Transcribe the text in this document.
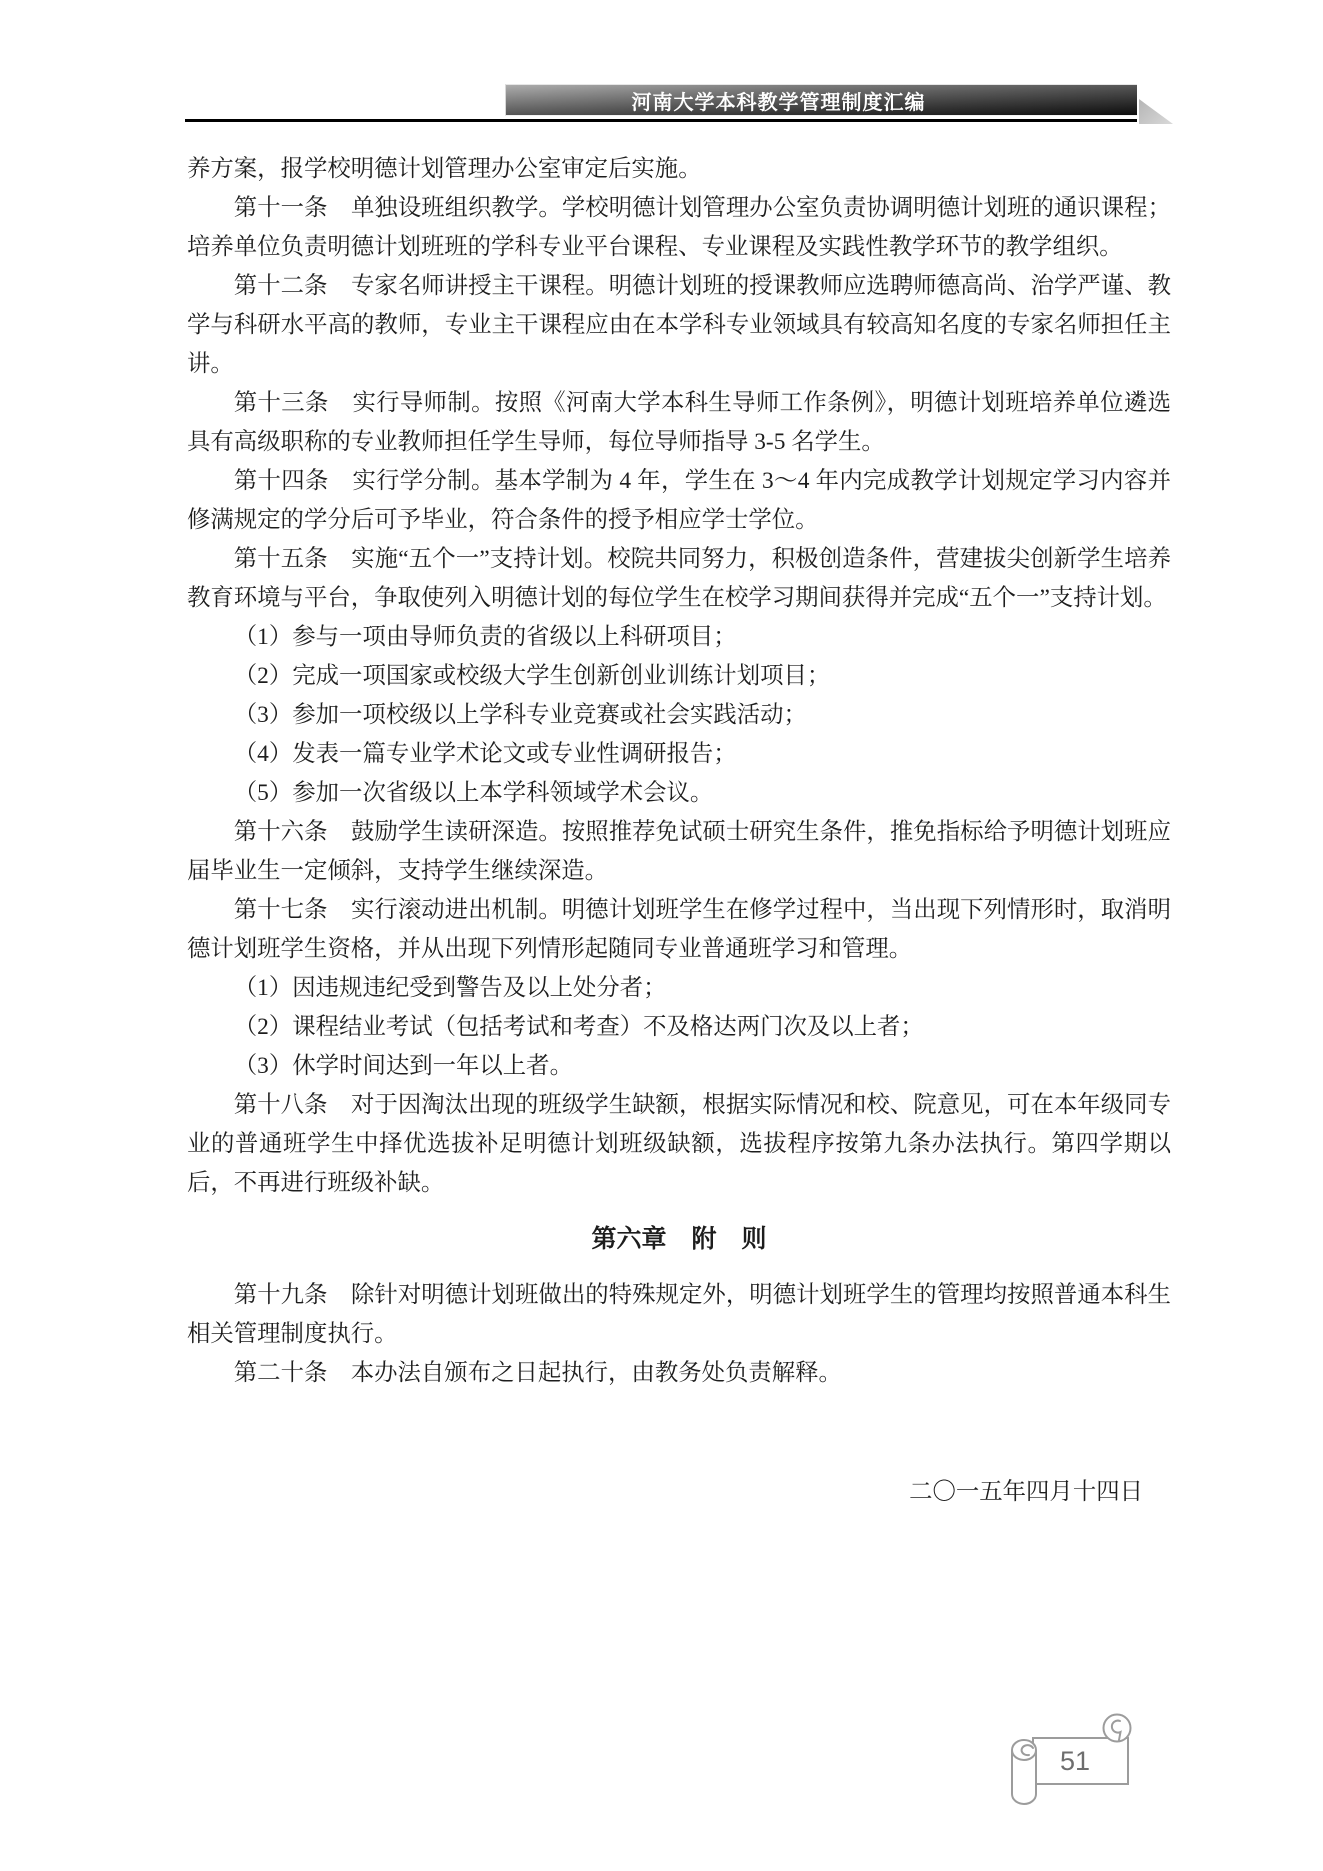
河南大学本科教学管理制度汇编

养方案，报学校明德计划管理办公室审定后实施。

第十一条　单独设班组织教学。学校明德计划管理办公室负责协调明德计划班的通识课程；培养单位负责明德计划班班的学科专业平台课程、专业课程及实践性教学环节的教学组织。

第十二条　专家名师讲授主干课程。明德计划班的授课教师应选聘师德高尚、治学严谨、教学与科研水平高的教师，专业主干课程应由在本学科专业领域具有较高知名度的专家名师担任主讲。

第十三条　实行导师制。按照《河南大学本科生导师工作条例》，明德计划班培养单位遴选具有高级职称的专业教师担任学生导师，每位导师指导 3-5 名学生。

第十四条　实行学分制。基本学制为 4 年，学生在 3～4 年内完成教学计划规定学习内容并修满规定的学分后可予毕业，符合条件的授予相应学士学位。

第十五条　实施“五个一”支持计划。校院共同努力，积极创造条件，营建拔尖创新学生培养教育环境与平台，争取使列入明德计划的每位学生在校学习期间获得并完成“五个一”支持计划。

（1）参与一项由导师负责的省级以上科研项目；

（2）完成一项国家或校级大学生创新创业训练计划项目；

（3）参加一项校级以上学科专业竞赛或社会实践活动；

（4）发表一篇专业学术论文或专业性调研报告；

（5）参加一次省级以上本学科领域学术会议。

第十六条　鼓励学生读研深造。按照推荐免试硕士研究生条件，推免指标给予明德计划班应届毕业生一定倾斜，支持学生继续深造。

第十七条　实行滚动进出机制。明德计划班学生在修学过程中，当出现下列情形时，取消明德计划班学生资格，并从出现下列情形起随同专业普通班学习和管理。

（1）因违规违纪受到警告及以上处分者；

（2）课程结业考试（包括考试和考查）不及格达两门次及以上者；

（3）休学时间达到一年以上者。

第十八条　对于因淘汰出现的班级学生缺额，根据实际情况和校、院意见，可在本年级同专业的普通班学生中择优选拔补足明德计划班级缺额，选拔程序按第九条办法执行。第四学期以后，不再进行班级补缺。

第六章　附　则

第十九条　除针对明德计划班做出的特殊规定外，明德计划班学生的管理均按照普通本科生相关管理制度执行。

第二十条　本办法自颁布之日起执行，由教务处负责解释。

二〇一五年四月十四日

51
